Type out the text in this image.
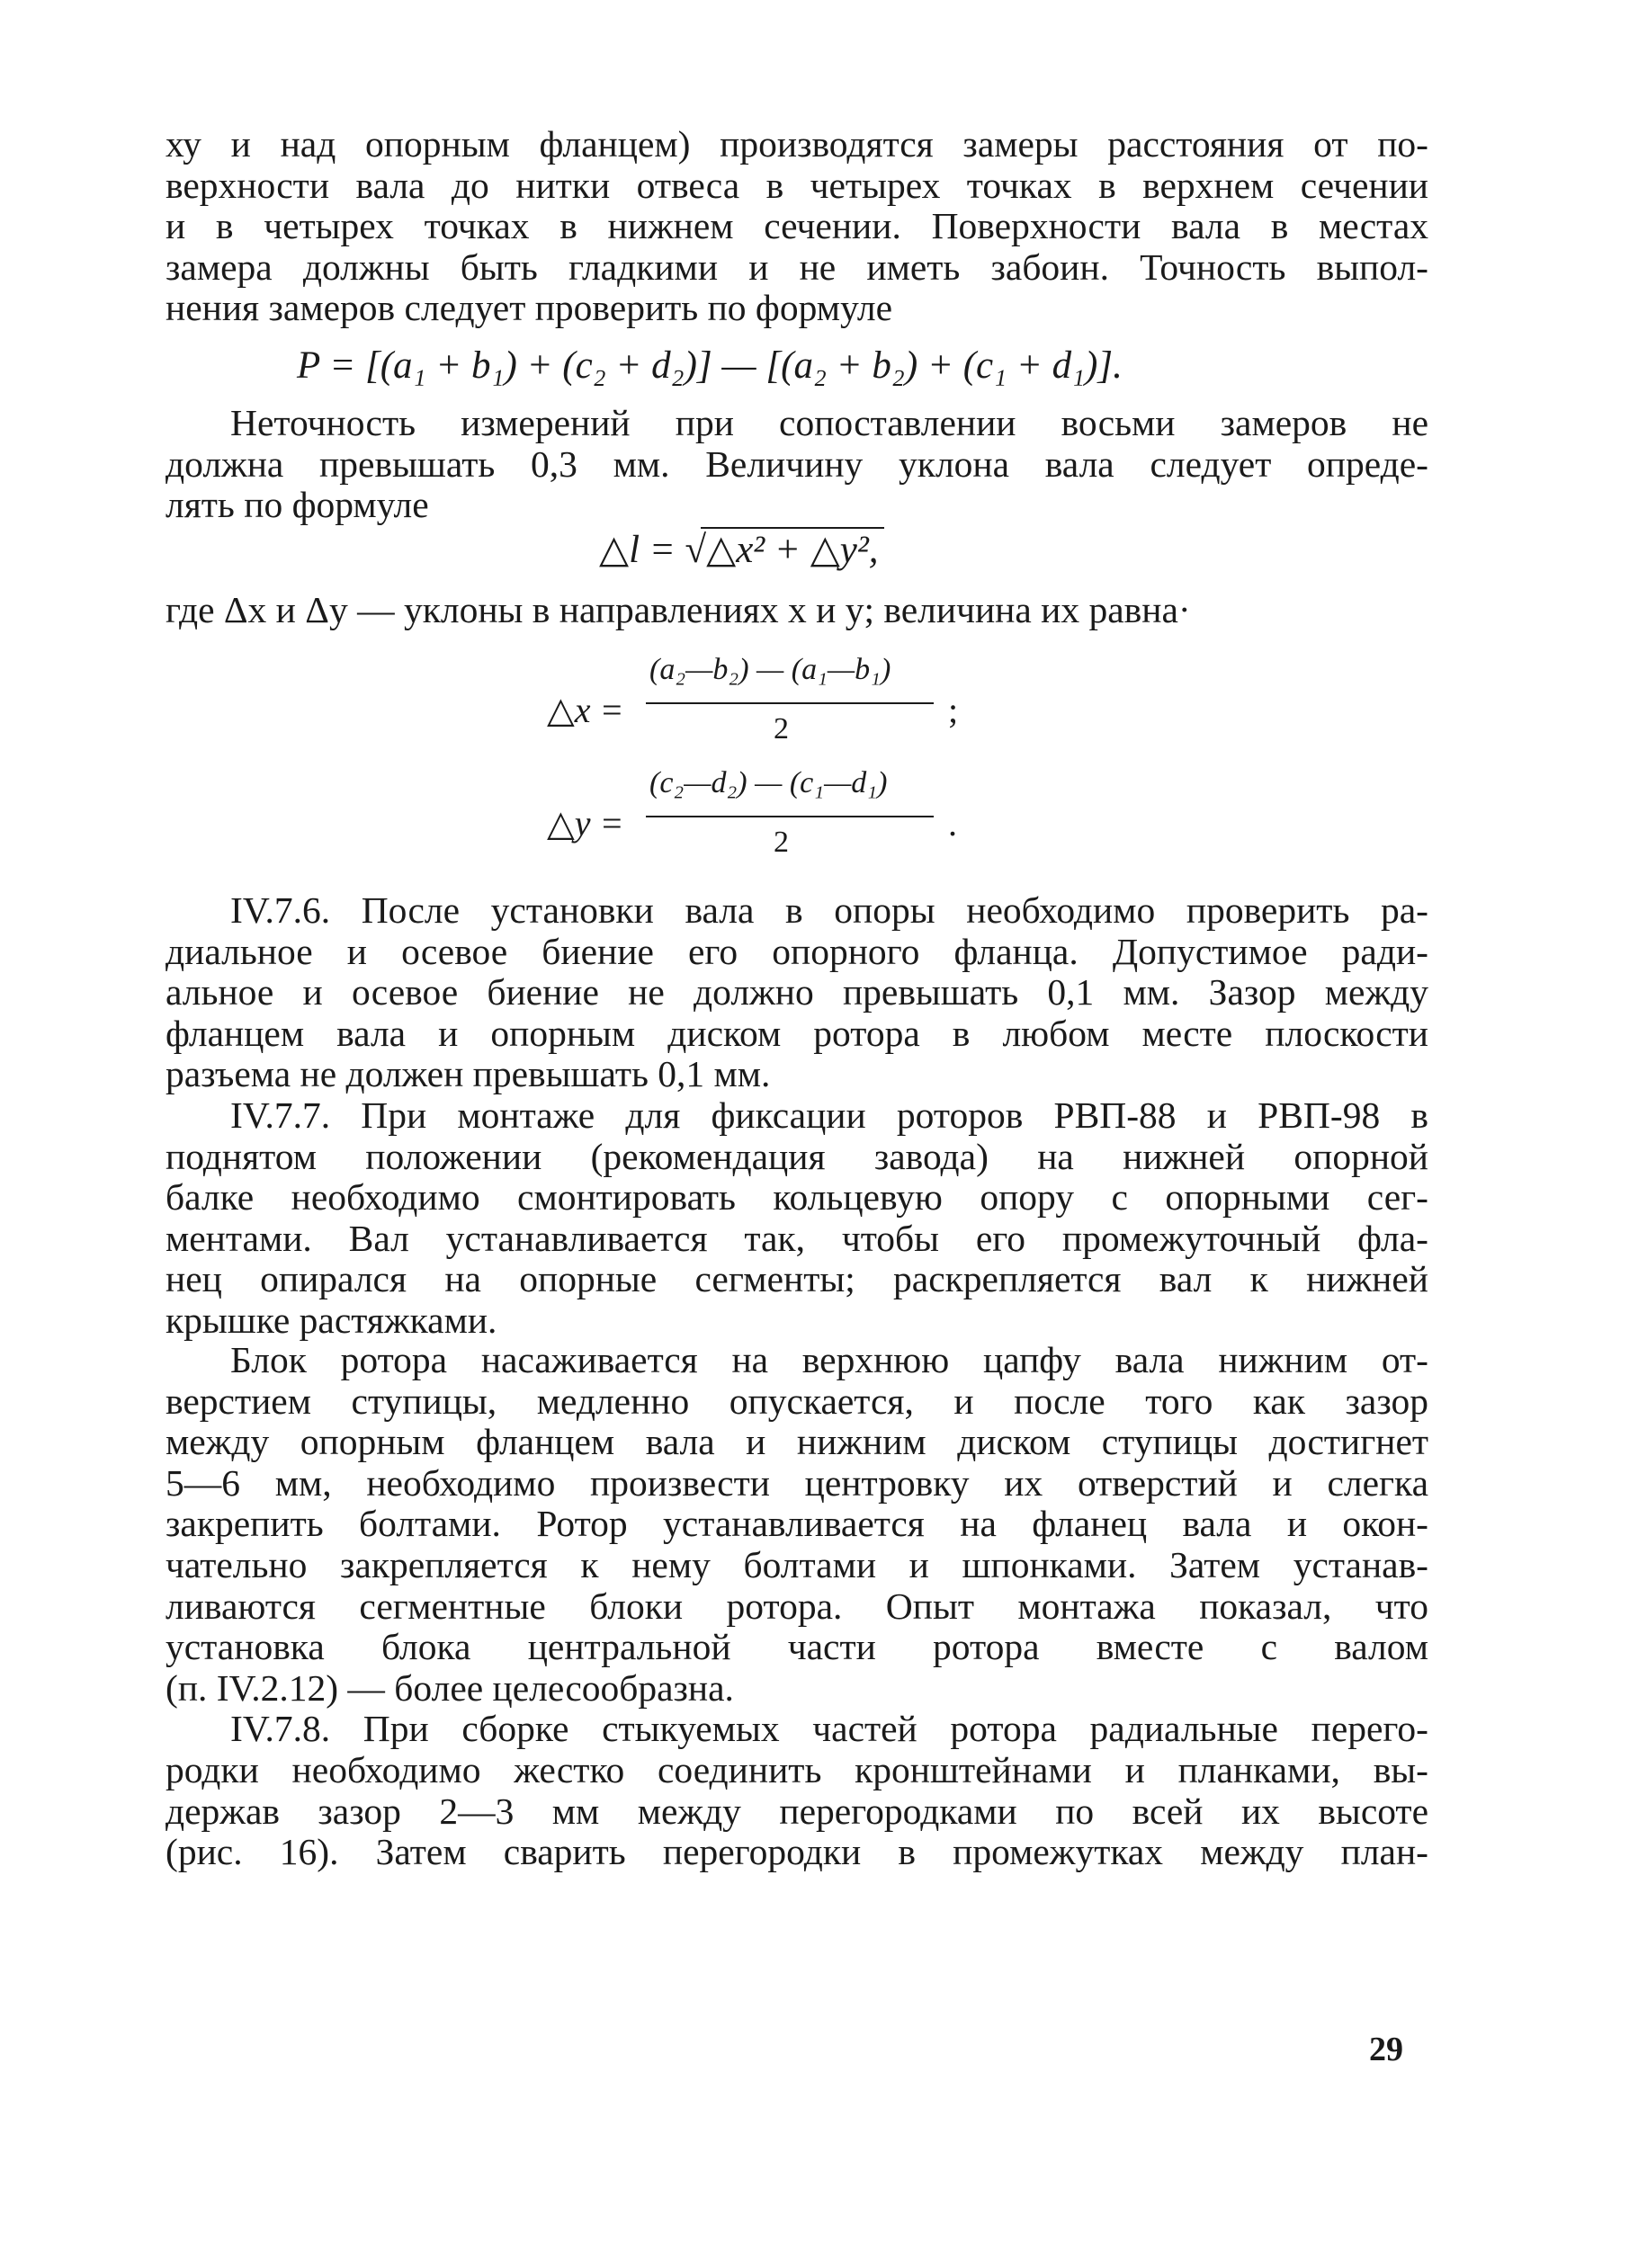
ху и над опорным фланцем) производятся замеры расстояния от по-
верхности вала до нитки отвеса в четырех точках в верхнем сечении
и в четырех точках в нижнем сечении. Поверхности вала в местах
замера должны быть гладкими и не иметь забоин. Точность выпол-
нения замеров следует проверить по формуле
P = [(a₁ + b₁) + (c₂ + d₂)] — [(a₂ + b₂) + (c₁ + d₁)].
Неточность измерений при сопоставлении восьми замеров не
должна превышать 0,3 мм. Величину уклона вала следует опреде-
лять по формуле
△l = √△x² + △y²,
где Δx и Δy — уклоны в направлениях x и y; величина их равна·
△x =
(a₂—b₂) — (a₁—b₁)
2	;
△y =
(c₂—d₂) — (c₁—d₁)
2	.
IV.7.6. После установки вала в опоры необходимо проверить ра-
диальное и осевое биение его опорного фланца. Допустимое ради-
альное и осевое биение не должно превышать 0,1 мм. Зазор между
фланцем вала и опорным диском ротора в любом месте плоскости
разъема не должен превышать 0,1 мм.
IV.7.7. При монтаже для фиксации роторов РВП-88 и РВП-98 в
поднятом положении (рекомендация завода) на нижней опорной
балке необходимо смонтировать кольцевую опору с опорными сег-
ментами. Вал устанавливается так, чтобы его промежуточный фла-
нец опирался на опорные сегменты; раскрепляется вал к нижней
крышке растяжками.
Блок ротора насаживается на верхнюю цапфу вала нижним от-
верстием ступицы, медленно опускается, и после того как зазор
между опорным фланцем вала и нижним диском ступицы достигнет
5—6 мм, необходимо произвести центровку их отверстий и слегка
закрепить болтами. Ротор устанавливается на фланец вала и окон-
чательно закрепляется к нему болтами и шпонками. Затем устанав-
ливаются сегментные блоки ротора. Опыт монтажа показал, что
установка блока центральной части ротора вместе с валом
(п. IV.2.12) — более целесообразна.
IV.7.8. При сборке стыкуемых частей ротора радиальные перего-
родки необходимо жестко соединить кронштейнами и планками, вы-
держав зазор 2—3 мм между перегородками по всей их высоте
(рис. 16). Затем сварить перегородки в промежутках между план-
29
